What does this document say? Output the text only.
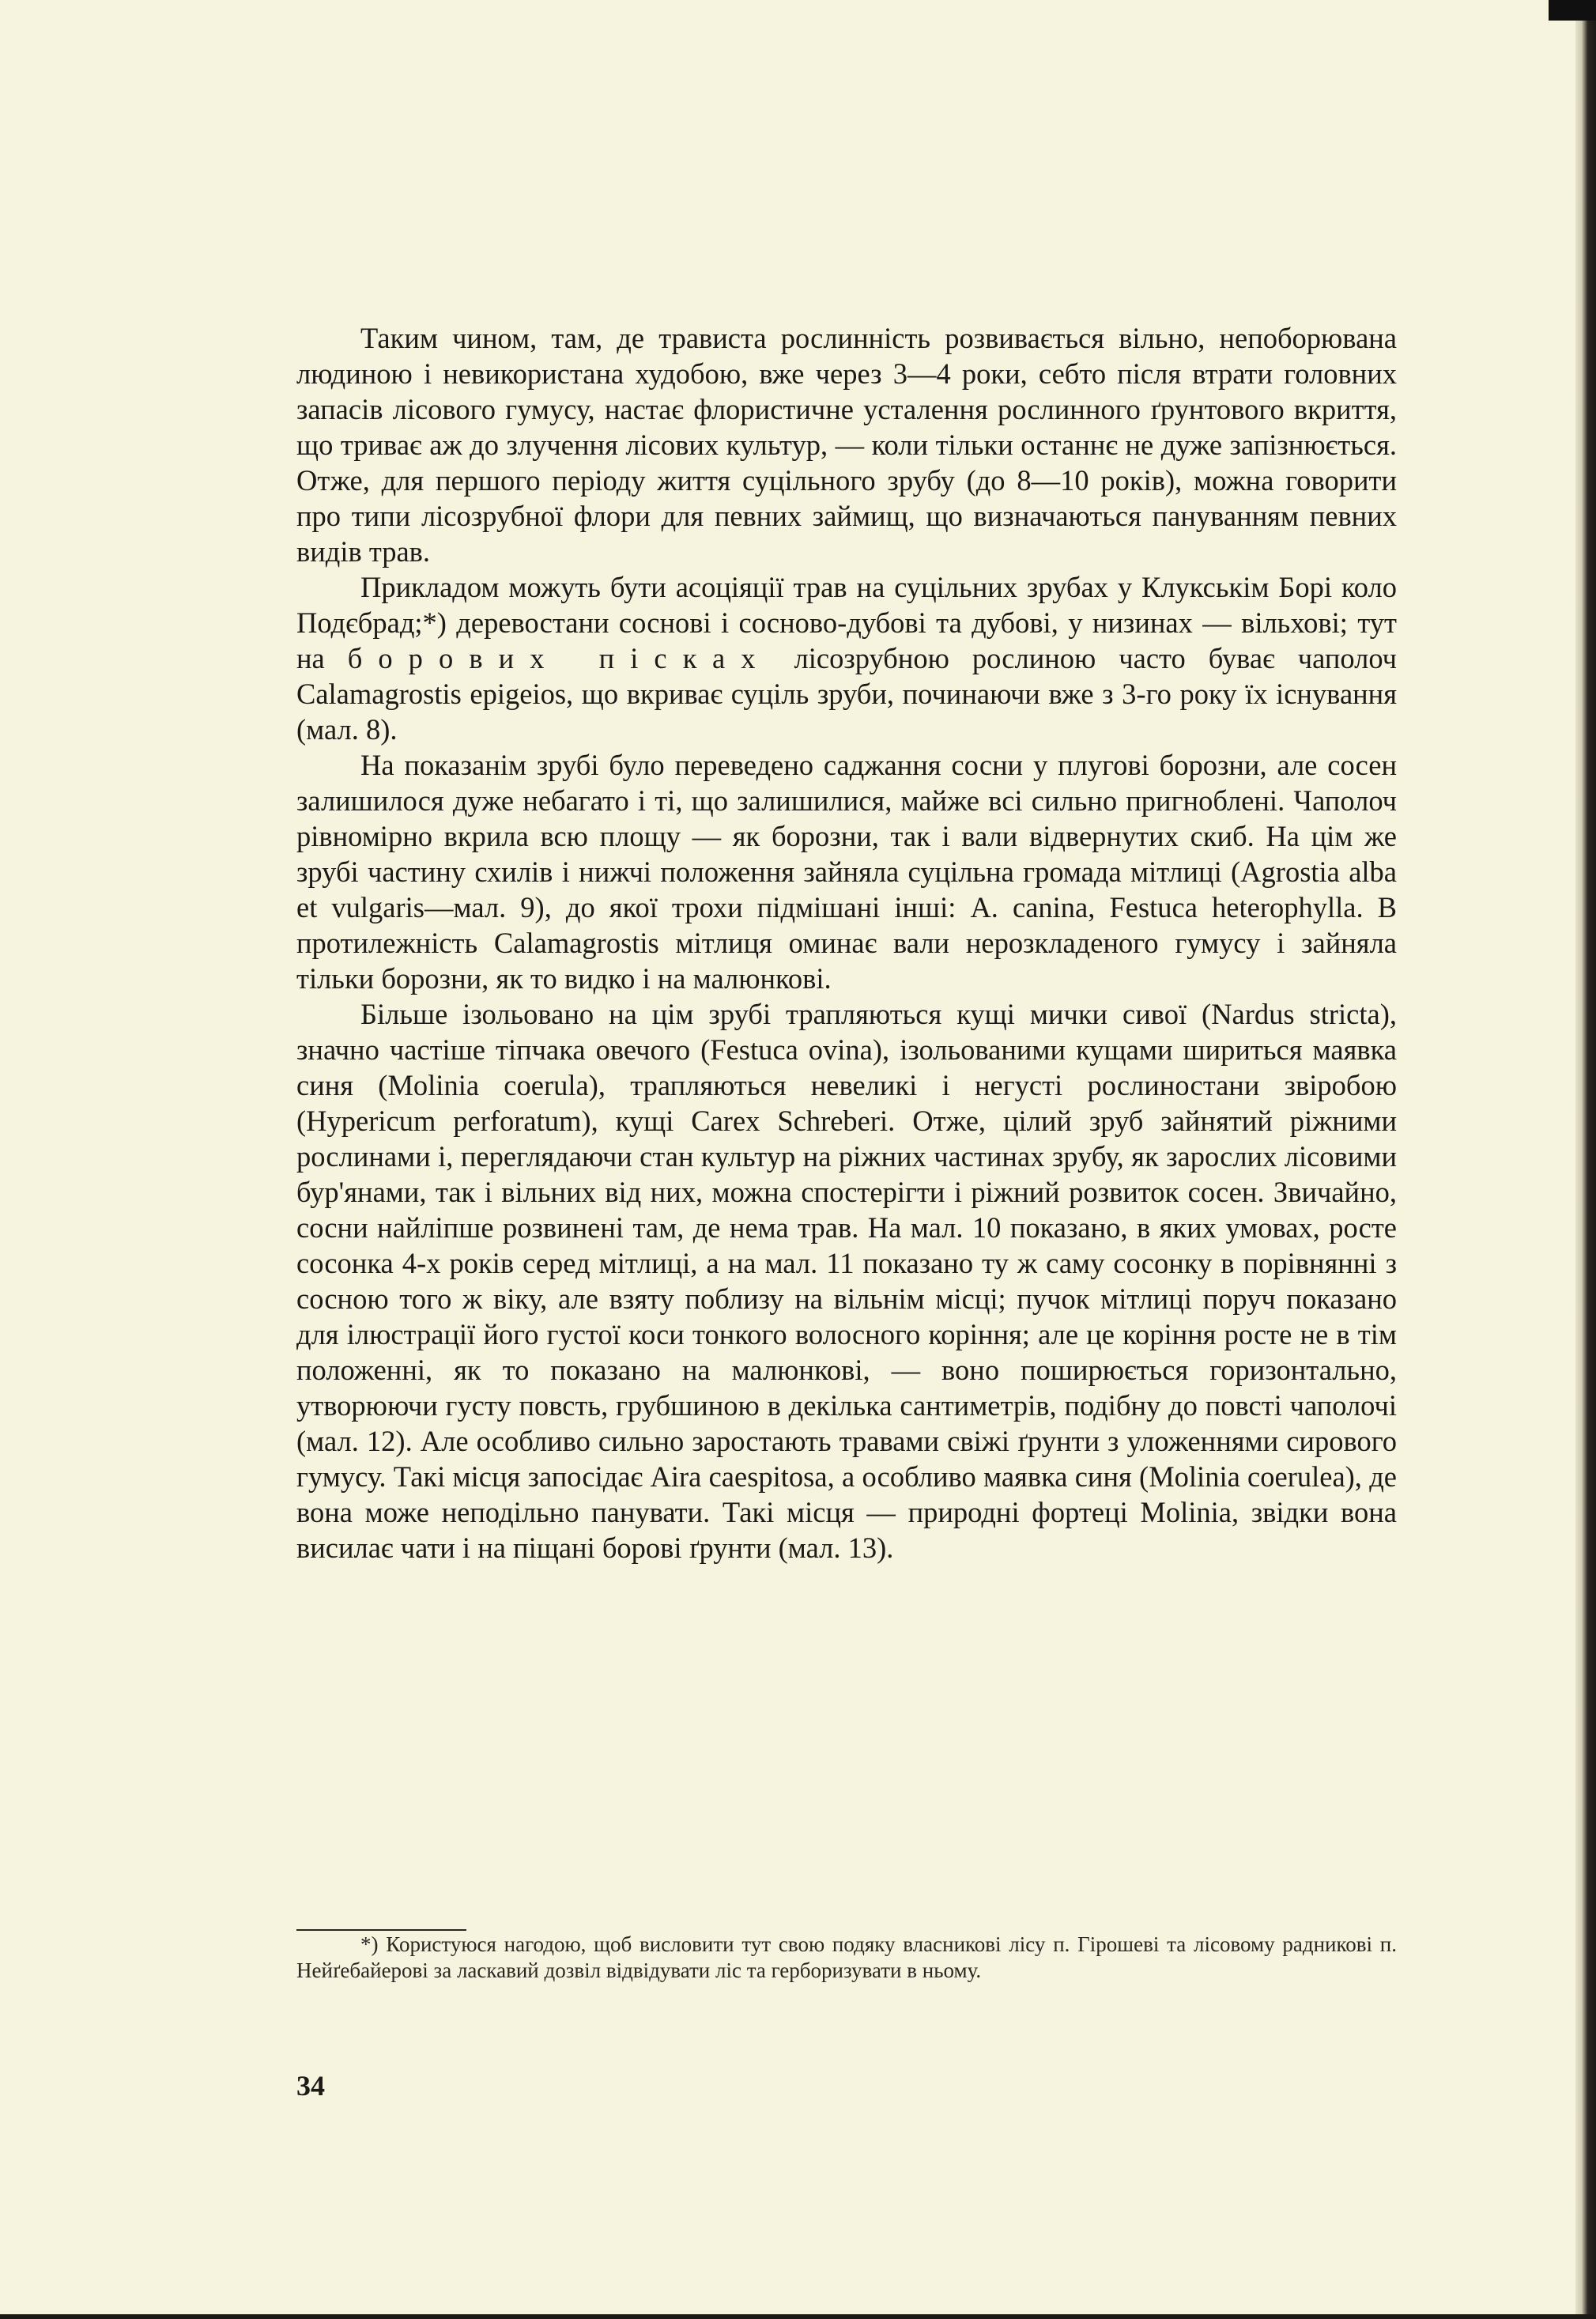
Таким чином, там, де трависта рослинність розвивається вільно, непоборювана людиною і невикористана худобою, вже через 3—4 роки, себто після втрати головних запасів лісового гумусу, настає флористичне усталення рослинного ґрунтового вкриття, що триває аж до злучення лісових культур, — коли тільки останнє не дуже запізнюється. Отже, для першого періоду життя суцільного зрубу (до 8—10 років), можна говорити про типи лісозрубної флори для певних займищ, що визначаються пануванням певних видів трав.

Прикладом можуть бути асоціяції трав на суцільних зрубах у Клукськім Борі коло Подєбрад;*) деревостани соснові і сосново-дубові та дубові, у низинах — вільхові; тут на борових пісках лісозрубною рослиною часто буває чаполоч Calamagrostis epigeios, що вкриває суціль зруби, починаючи вже з 3-го року їх існування (мал. 8).

На показанім зрубі було переведено саджання сосни у плугові борозни, але сосен залишилося дуже небагато і ті, що залишилися, майже всі сильно пригноблені. Чаполоч рівномірно вкрила всю площу — як борозни, так і вали відвернутих скиб. На цім же зрубі частину схилів і нижчі положення зайняла суцільна громада мітлиці (Agrostia alba et vulgaris—мал. 9), до якої трохи підмішані інші: A. canina, Festuca heterophylla. В протилежність Calamagrostis мітлиця оминає вали нерозкладеного гумусу і зайняла тільки борозни, як то видко і на малюнкові.

Більше ізольовано на цім зрубі трапляються кущі мички сивої (Nardus stricta), значно частіше тіпчака овечого (Festuca ovina), ізольованими кущами шириться маявка синя (Molinia coerula), трапляються невеликі і негусті рослиностани звіробою (Hypericum perforatum), кущі Carex Schreberi. Отже, цілий зруб зайнятий ріжними рослинами і, переглядаючи стан культур на ріжних частинах зрубу, як зарослих лісовими бур'янами, так і вільних від них, можна спостерігти і ріжний розвиток сосен. Звичайно, сосни найліпше розвинені там, де нема трав. На мал. 10 показано, в яких умовах, росте сосонка 4-х років серед мітлиці, а на мал. 11 показано ту ж саму сосонку в порівнянні з сосною того ж віку, але взяту поблизу на вільнім місці; пучок мітлиці поруч показано для ілюстрації його густої коси тонкого волосного коріння; але це коріння росте не в тім положенні, як то показано на малюнкові, — воно поширюється горизонтально, утворюючи густу повсть, грубшиною в декілька сантиметрів, подібну до повсті чаполочі (мал. 12). Але особливо сильно заростають травами свіжі ґрунти з уложеннями сирового гумусу. Такі місця запосідає Aira caespitosa, а особливо маявка синя (Molinia coerulea), де вона може неподільно панувати. Такі місця — природні фортеці Molinia, звідки вона висилає чати і на піщані борові ґрунти (мал. 13).

*) Користуюся нагодою, щоб висловити тут свою подяку власникові лісу п. Гірошеві та лісовому радникові п. Нейґебайерові за ласкавий дозвіл відвідувати ліс та герборизувати в ньому.
34
